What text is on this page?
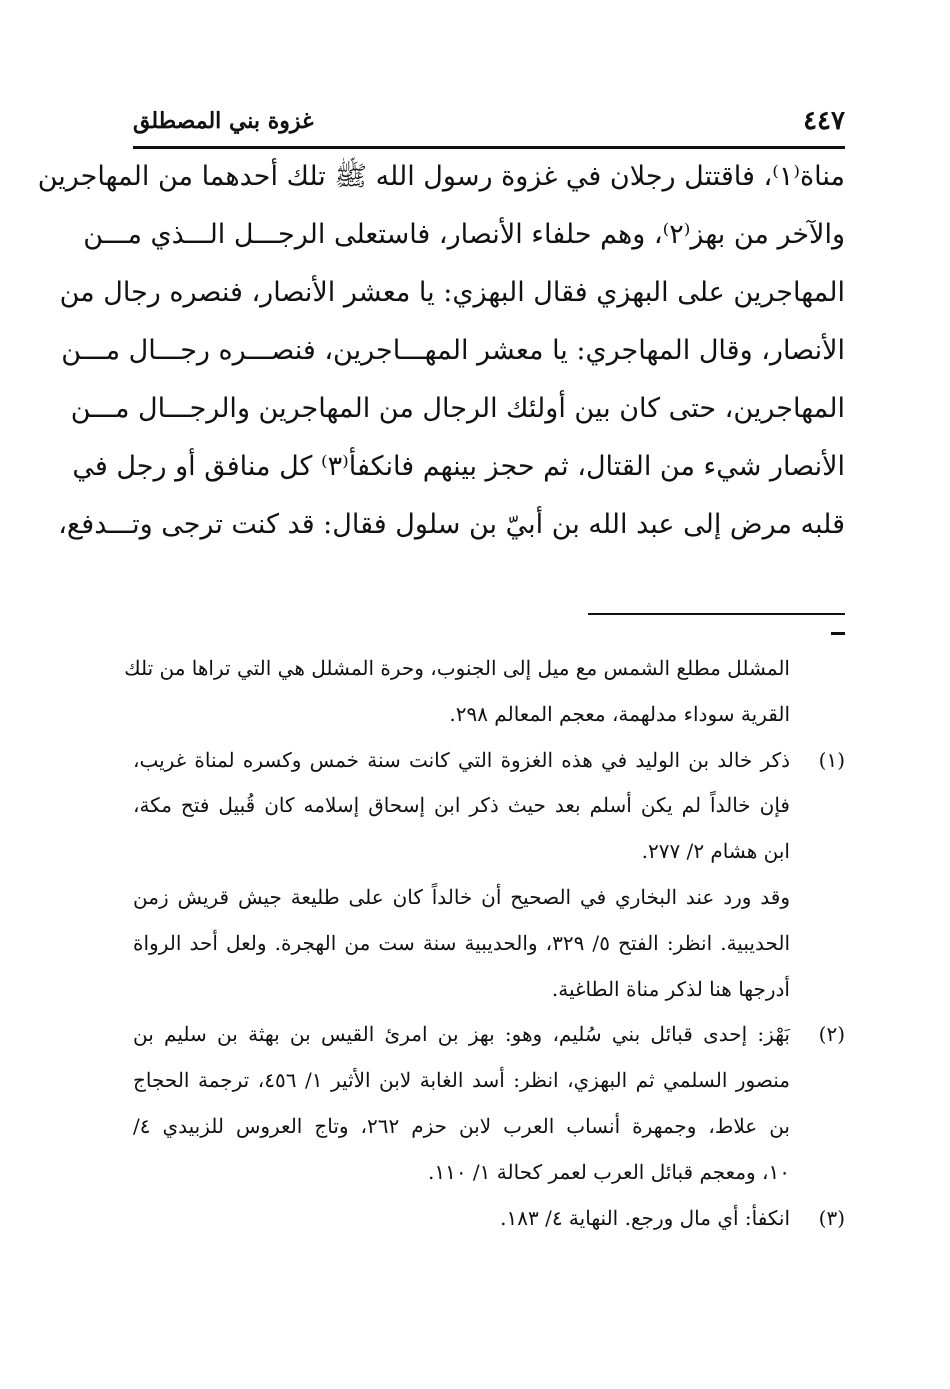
٤٤٧
غزوة بني المصطلق
مناة⁽١⁾، فاقتتل رجلان في غزوة رسول الله ﷺ تلك أحدهما من المهاجرين
والآخر من بهز⁽٢⁾، وهم حلفاء الأنصار، فاستعلى الرجـــل الـــذي مـــن
المهاجرين على البهزي فقال البهزي: يا معشر الأنصار، فنصره رجال من
الأنصار، وقال المهاجري: يا معشر المهـــاجرين، فنصـــره رجـــال مـــن
المهاجرين، حتى كان بين أولئك الرجال من المهاجرين والرجـــال مـــن
الأنصار شيء من القتال، ثم حجز بينهم فانكفأ⁽٣⁾ كل منافق أو رجل في
قلبه مرض إلى عبد الله بن أبيّ بن سلول فقال: قد كنت ترجى وتـــدفع،
المشلل مطلع الشمس مع ميل إلى الجنوب، وحرة المشلل هي التي تراها من تلك
القرية سوداء مدلهمة، معجم المعالم ٢٩٨.
(١)
ذكر خالد بن الوليد في هذه الغزوة التي كانت سنة خمس وكسره لمناة غريب،
فإن خالداً لم يكن أسلم بعد حيث ذكر ابن إسحاق إسلامه كان قُبيل فتح مكة،
ابن هشام ٢/ ٢٧٧.
وقد ورد عند البخاري في الصحيح أن خالداً كان على طليعة جيش قريش زمن
الحديبية. انظر: الفتح ٥/ ٣٢٩، والحديبية سنة ست من الهجرة. ولعل أحد الرواة
أدرجها هنا لذكر مناة الطاغية.
(٢)
بَهْز: إحدى قبائل بني سُليم، وهو: بهز بن امرئ القيس بن بهثة بن سليم بن
منصور السلمي ثم البهزي، انظر: أسد الغابة لابن الأثير ١/ ٤٥٦، ترجمة الحجاج
بن علاط، وجمهرة أنساب العرب لابن حزم ٢٦٢، وتاج العروس للزبيدي ٤/
١٠، ومعجم قبائل العرب لعمر كحالة ١/ ١١٠.
(٣)
انكفأ: أي مال ورجع. النهاية ٤/ ١٨٣.
